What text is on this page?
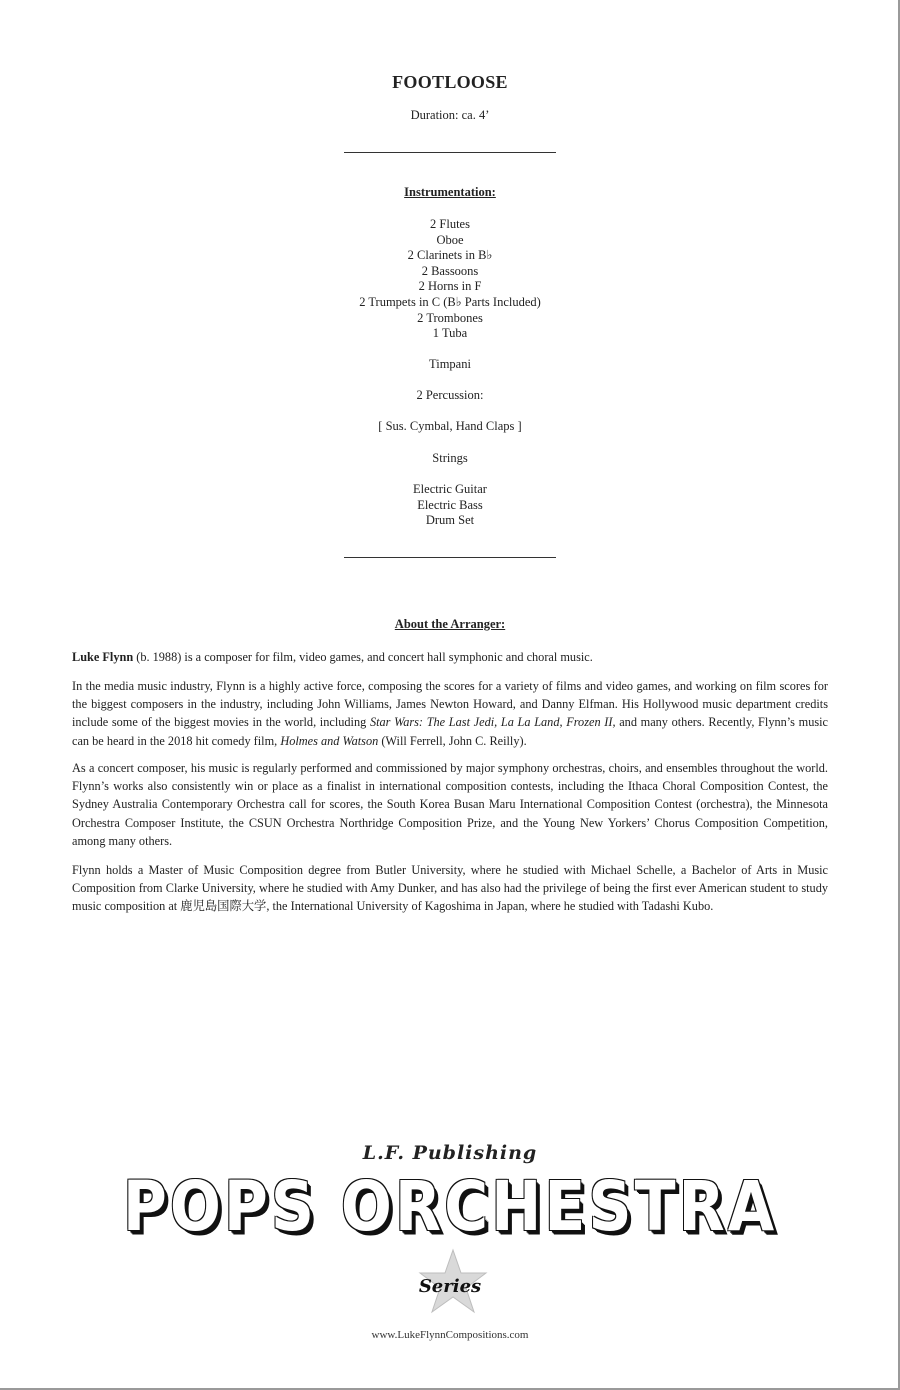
FOOTLOOSE
Duration: ca. 4’
Instrumentation:
2 Flutes
Oboe
2 Clarinets in B♭
2 Bassoons
2 Horns in F
2 Trumpets in C (B♭ Parts Included)
2 Trombones
1 Tuba
Timpani
2 Percussion:
[ Sus. Cymbal, Hand Claps ]
Strings
Electric Guitar
Electric Bass
Drum Set
About the Arranger:

Luke Flynn (b. 1988) is a composer for film, video games, and concert hall symphonic and choral music.

In the media music industry, Flynn is a highly active force, composing the scores for a variety of films and video games, and working on film scores for the biggest composers in the industry, including John Williams, James Newton Howard, and Danny Elfman. His Hollywood music department credits include some of the biggest movies in the world, including Star Wars: The Last Jedi, La La Land, Frozen II, and many others. Recently, Flynn’s music can be heard in the 2018 hit comedy film, Holmes and Watson (Will Ferrell, John C. Reilly).

As a concert composer, his music is regularly performed and commissioned by major symphony orchestras, choirs, and ensembles throughout the world. Flynn’s works also consistently win or place as a finalist in international composition contests, including the Ithaca Choral Composition Contest, the Sydney Australia Contemporary Orchestra call for scores, the South Korea Busan Maru International Composition Contest (orchestra), the Minnesota Orchestra Composer Institute, the CSUN Orchestra Northridge Composition Prize, and the Young New Yorkers’ Chorus Composition Competition, among many others.

Flynn holds a Master of Music Composition degree from Butler University, where he studied with Michael Schelle, a Bachelor of Arts in Music Composition from Clarke University, where he studied with Amy Dunker, and has also had the privilege of being the first ever American student to study music composition at 鹿児島国際大学, the International University of Kagoshima in Japan, where he studied with Tadashi Kubo.

L.F. Publishing
POPS ORCHESTRA
Series
www.LukeFlynnCompositions.com
